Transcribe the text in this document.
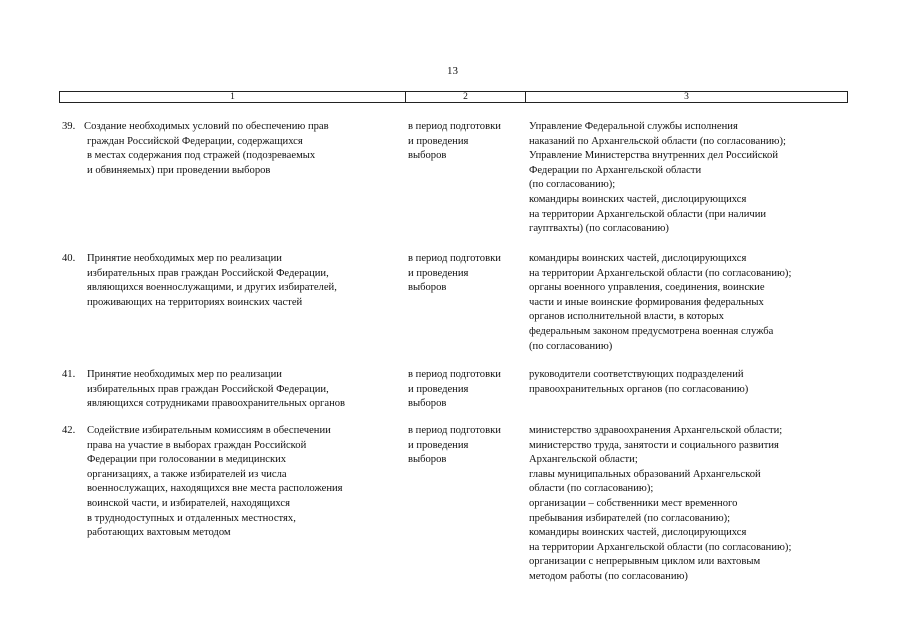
13
1	2	3
39. Создание необходимых условий по обеспечению прав
граждан Российской Федерации, содержащихся
в местах содержания под стражей (подозреваемых
и обвиняемых) при проведении выборов
в период подготовки
и проведения
выборов
Управление Федеральной службы исполнения
наказаний по Архангельской области (по согласованию);
Управление Министерства внутренних дел Российской
Федерации по Архангельской области
(по согласованию);
командиры воинских частей, дислоцирующихся
на территории Архангельской области (при наличии
гауптвахты) (по согласованию)
40. Принятие необходимых мер по реализации
избирательных прав граждан Российской Федерации,
являющихся военнослужащими, и других избирателей,
проживающих на территориях воинских частей
в период подготовки
и проведения
выборов
командиры воинских частей, дислоцирующихся
на территории Архангельской области (по согласованию);
органы военного управления, соединения, воинские
части и иные воинские формирования федеральных
органов исполнительной власти, в которых
федеральным законом предусмотрена военная служба
(по согласованию)
41. Принятие необходимых мер по реализации
избирательных прав граждан Российской Федерации,
являющихся сотрудниками правоохранительных органов
в период подготовки
и проведения
выборов
руководители соответствующих подразделений
правоохранительных органов (по согласованию)
42. Содействие избирательным комиссиям в обеспечении
права на участие в выборах граждан Российской
Федерации при голосовании в медицинских
организациях, а также избирателей из числа
военнослужащих, находящихся вне места расположения
воинской части, и избирателей, находящихся
в труднодоступных и отдаленных местностях,
работающих вахтовым методом
в период подготовки
и проведения
выборов
министерство здравоохранения Архангельской области;
министерство труда, занятости и социального развития
Архангельской области;
главы муниципальных образований Архангельской
области (по согласованию);
организации – собственники мест временного
пребывания избирателей (по согласованию);
командиры воинских частей, дислоцирующихся
на территории Архангельской области (по согласованию);
организации с непрерывным циклом или вахтовым
методом работы (по согласованию)
